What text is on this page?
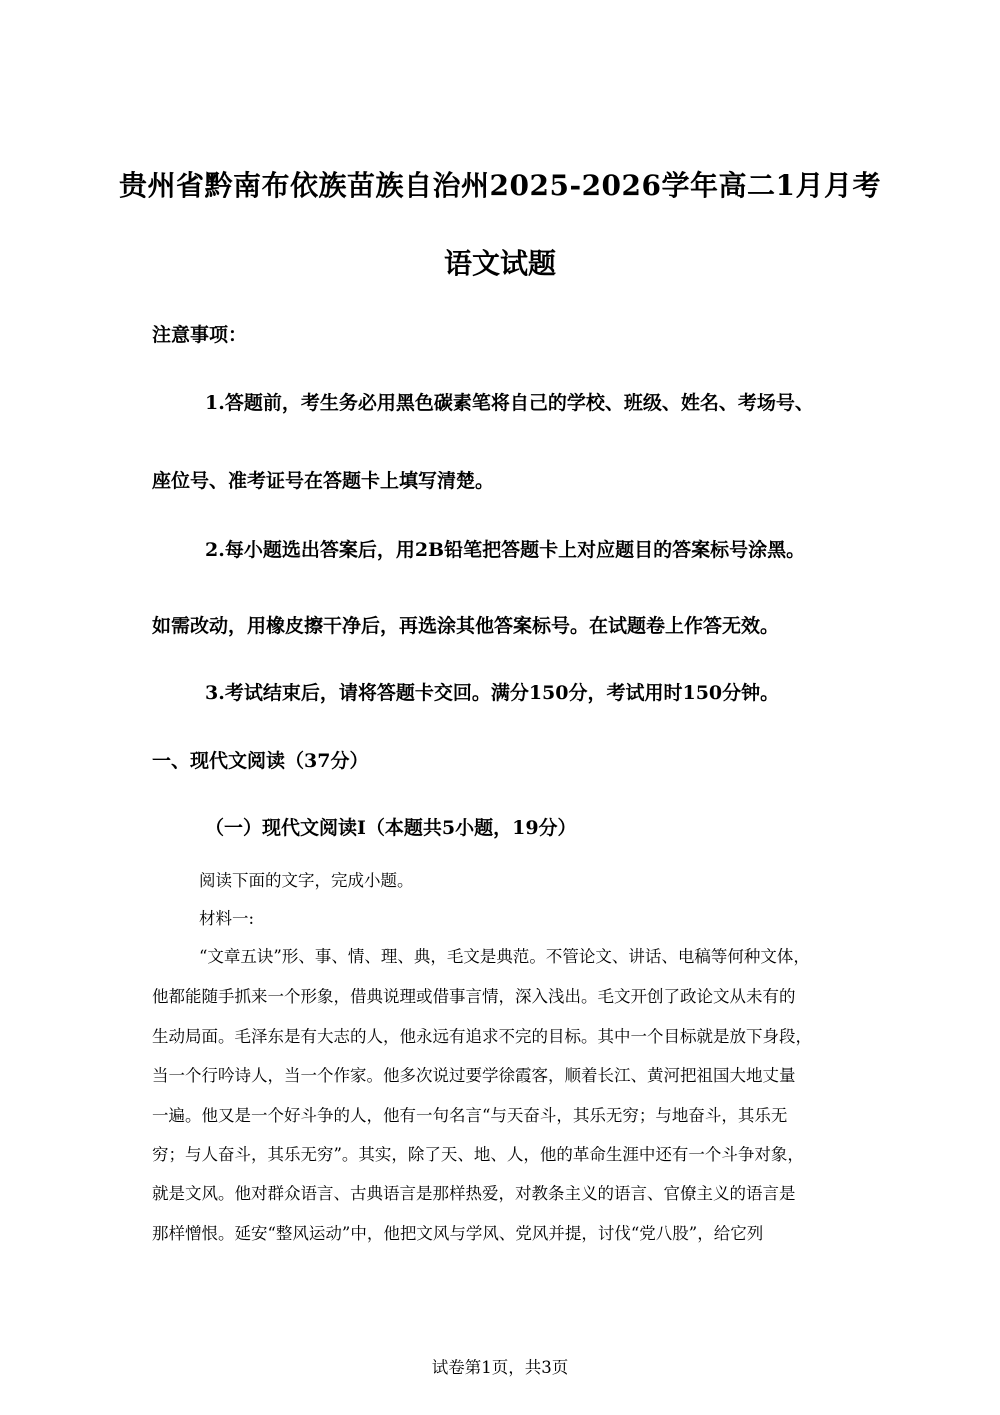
贵州省黔南布依族苗族自治州2025-2026学年高二1月月考
语文试题
注意事项：
1.答题前，考生务必用黑色碳素笔将自己的学校、班级、姓名、考场号、
座位号、准考证号在答题卡上填写清楚。
2.每小题选出答案后，用2B铅笔把答题卡上对应题目的答案标号涂黑。
如需改动，用橡皮擦干净后，再选涂其他答案标号。在试题卷上作答无效。
3.考试结束后，请将答题卡交回。满分150分，考试用时150分钟。
一、现代文阅读（37分）
（一）现代文阅读I（本题共5小题，19分）
阅读下面的文字，完成小题。
材料一:
“文章五诀”形、事、情、理、典，毛文是典范。不管论文、讲话、电稿等何种文体，
他都能随手抓来一个形象，借典说理或借事言情，深入浅出。毛文开创了政论文从未有的
生动局面。毛泽东是有大志的人，他永远有追求不完的目标。其中一个目标就是放下身段，
当一个行吟诗人，当一个作家。他多次说过要学徐霞客，顺着长江、黄河把祖国大地丈量
一遍。他又是一个好斗争的人，他有一句名言“与天奋斗，其乐无穷；与地奋斗，其乐无
穷；与人奋斗，其乐无穷”。其实，除了天、地、人，他的革命生涯中还有一个斗争对象，
就是文风。他对群众语言、古典语言是那样热爱，对教条主义的语言、官僚主义的语言是
那样憎恨。延安“整风运动”中，他把文风与学风、党风并提，讨伐“党八股”，给它列
试卷第1页，共3页
